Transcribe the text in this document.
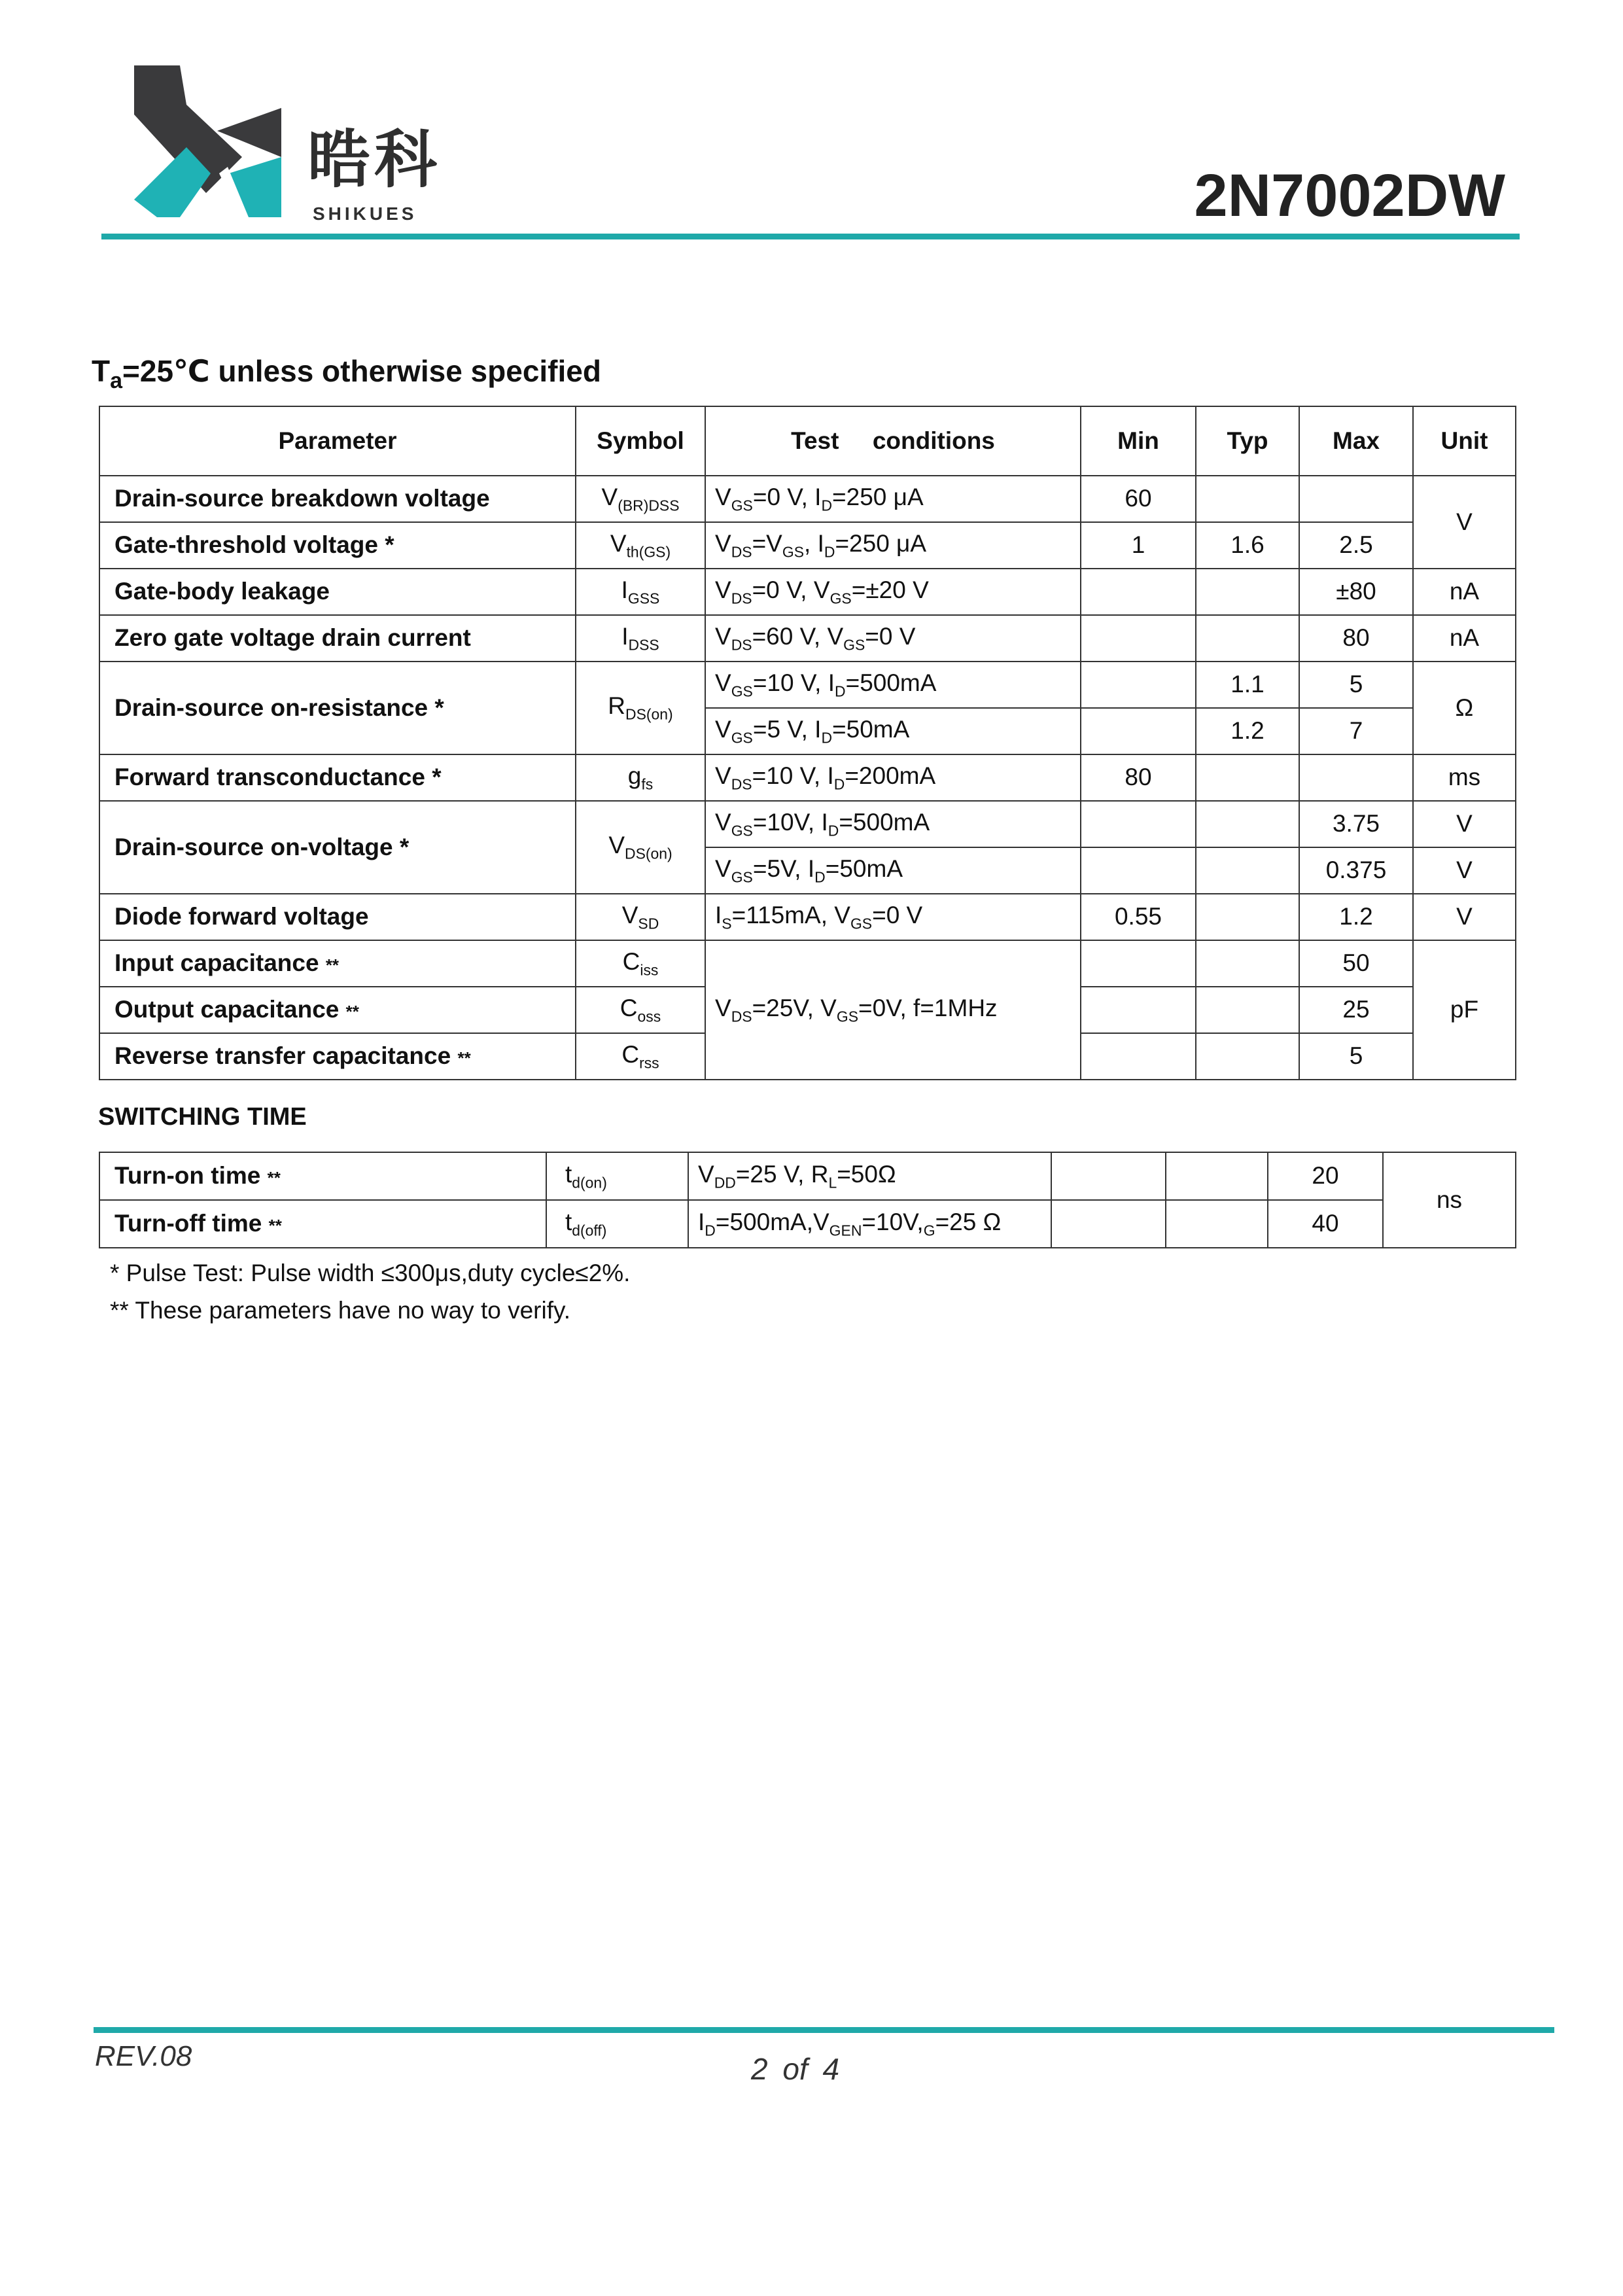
晧科
SHIKUES	2N7002DW
$T_a=25℃$ unless otherwise specified
Parameter	Symbol	Test conditions	Min	Typ	Max	Unit
Drain-source breakdown voltage	$V_{(BR)DSS}$	$V_{GS}=0$ V, $I_D=250$ μA	60			V
Gate-threshold voltage *	$V_{th(GS)}$	$V_{DS}=V_{GS}$, $I_D=250$ μA	1	1.6	2.5	
Gate-body leakage	$I_{GSS}$	$V_{DS}=0$ V, $V_{GS}=\pm 20$ V			±80	nA
Zero gate voltage drain current	$I_{DSS}$	$V_{DS}=60$ V, $V_{GS}=0$ V			80	nA
Drain-source on-resistance *	$R_{DS(on)}$	$V_{GS}=10$ V, $I_D=500mA$		1.1	5	Ω
		$V_{GS}=5$ V, $I_D=50mA$		1.2	7	
Forward transconductance *	$g_{fs}$	$V_{DS}=10$ V, $I_D=200mA$	80			ms
Drain-source on-voltage *	$V_{DS(on)}$	$V_{GS}=10V$, $I_D=500mA$			3.75	V
		$V_{GS}=5V$, $I_D=50mA$			0.375	V
Diode forward voltage	$V_{SD}$	$I_S=115mA$, $V_{GS}=0$ V	0.55		1.2	V
Input capacitance **	$C_{iss}$	$V_{DS}=25V$, $V_{GS}=0V$, f=1MHz			50	pF
Output capacitance **	$C_{oss}$				25	
Reverse transfer capacitance **	$C_{rss}$				5	
SWITCHING TIME
Turn-on time **	$t_{d(on)}$	$V_{DD}=25$ V, $R_L=50\Omega$			20	ns
Turn-off time **	$t_{d(off)}$	$I_D=500mA,V_{GEN}=10V,_G=25$ Ω			40	
* Pulse Test: Pulse width ≤300μs,duty cycle≤2%.
** These parameters have no way to verify.
REV.08	2 of 4
